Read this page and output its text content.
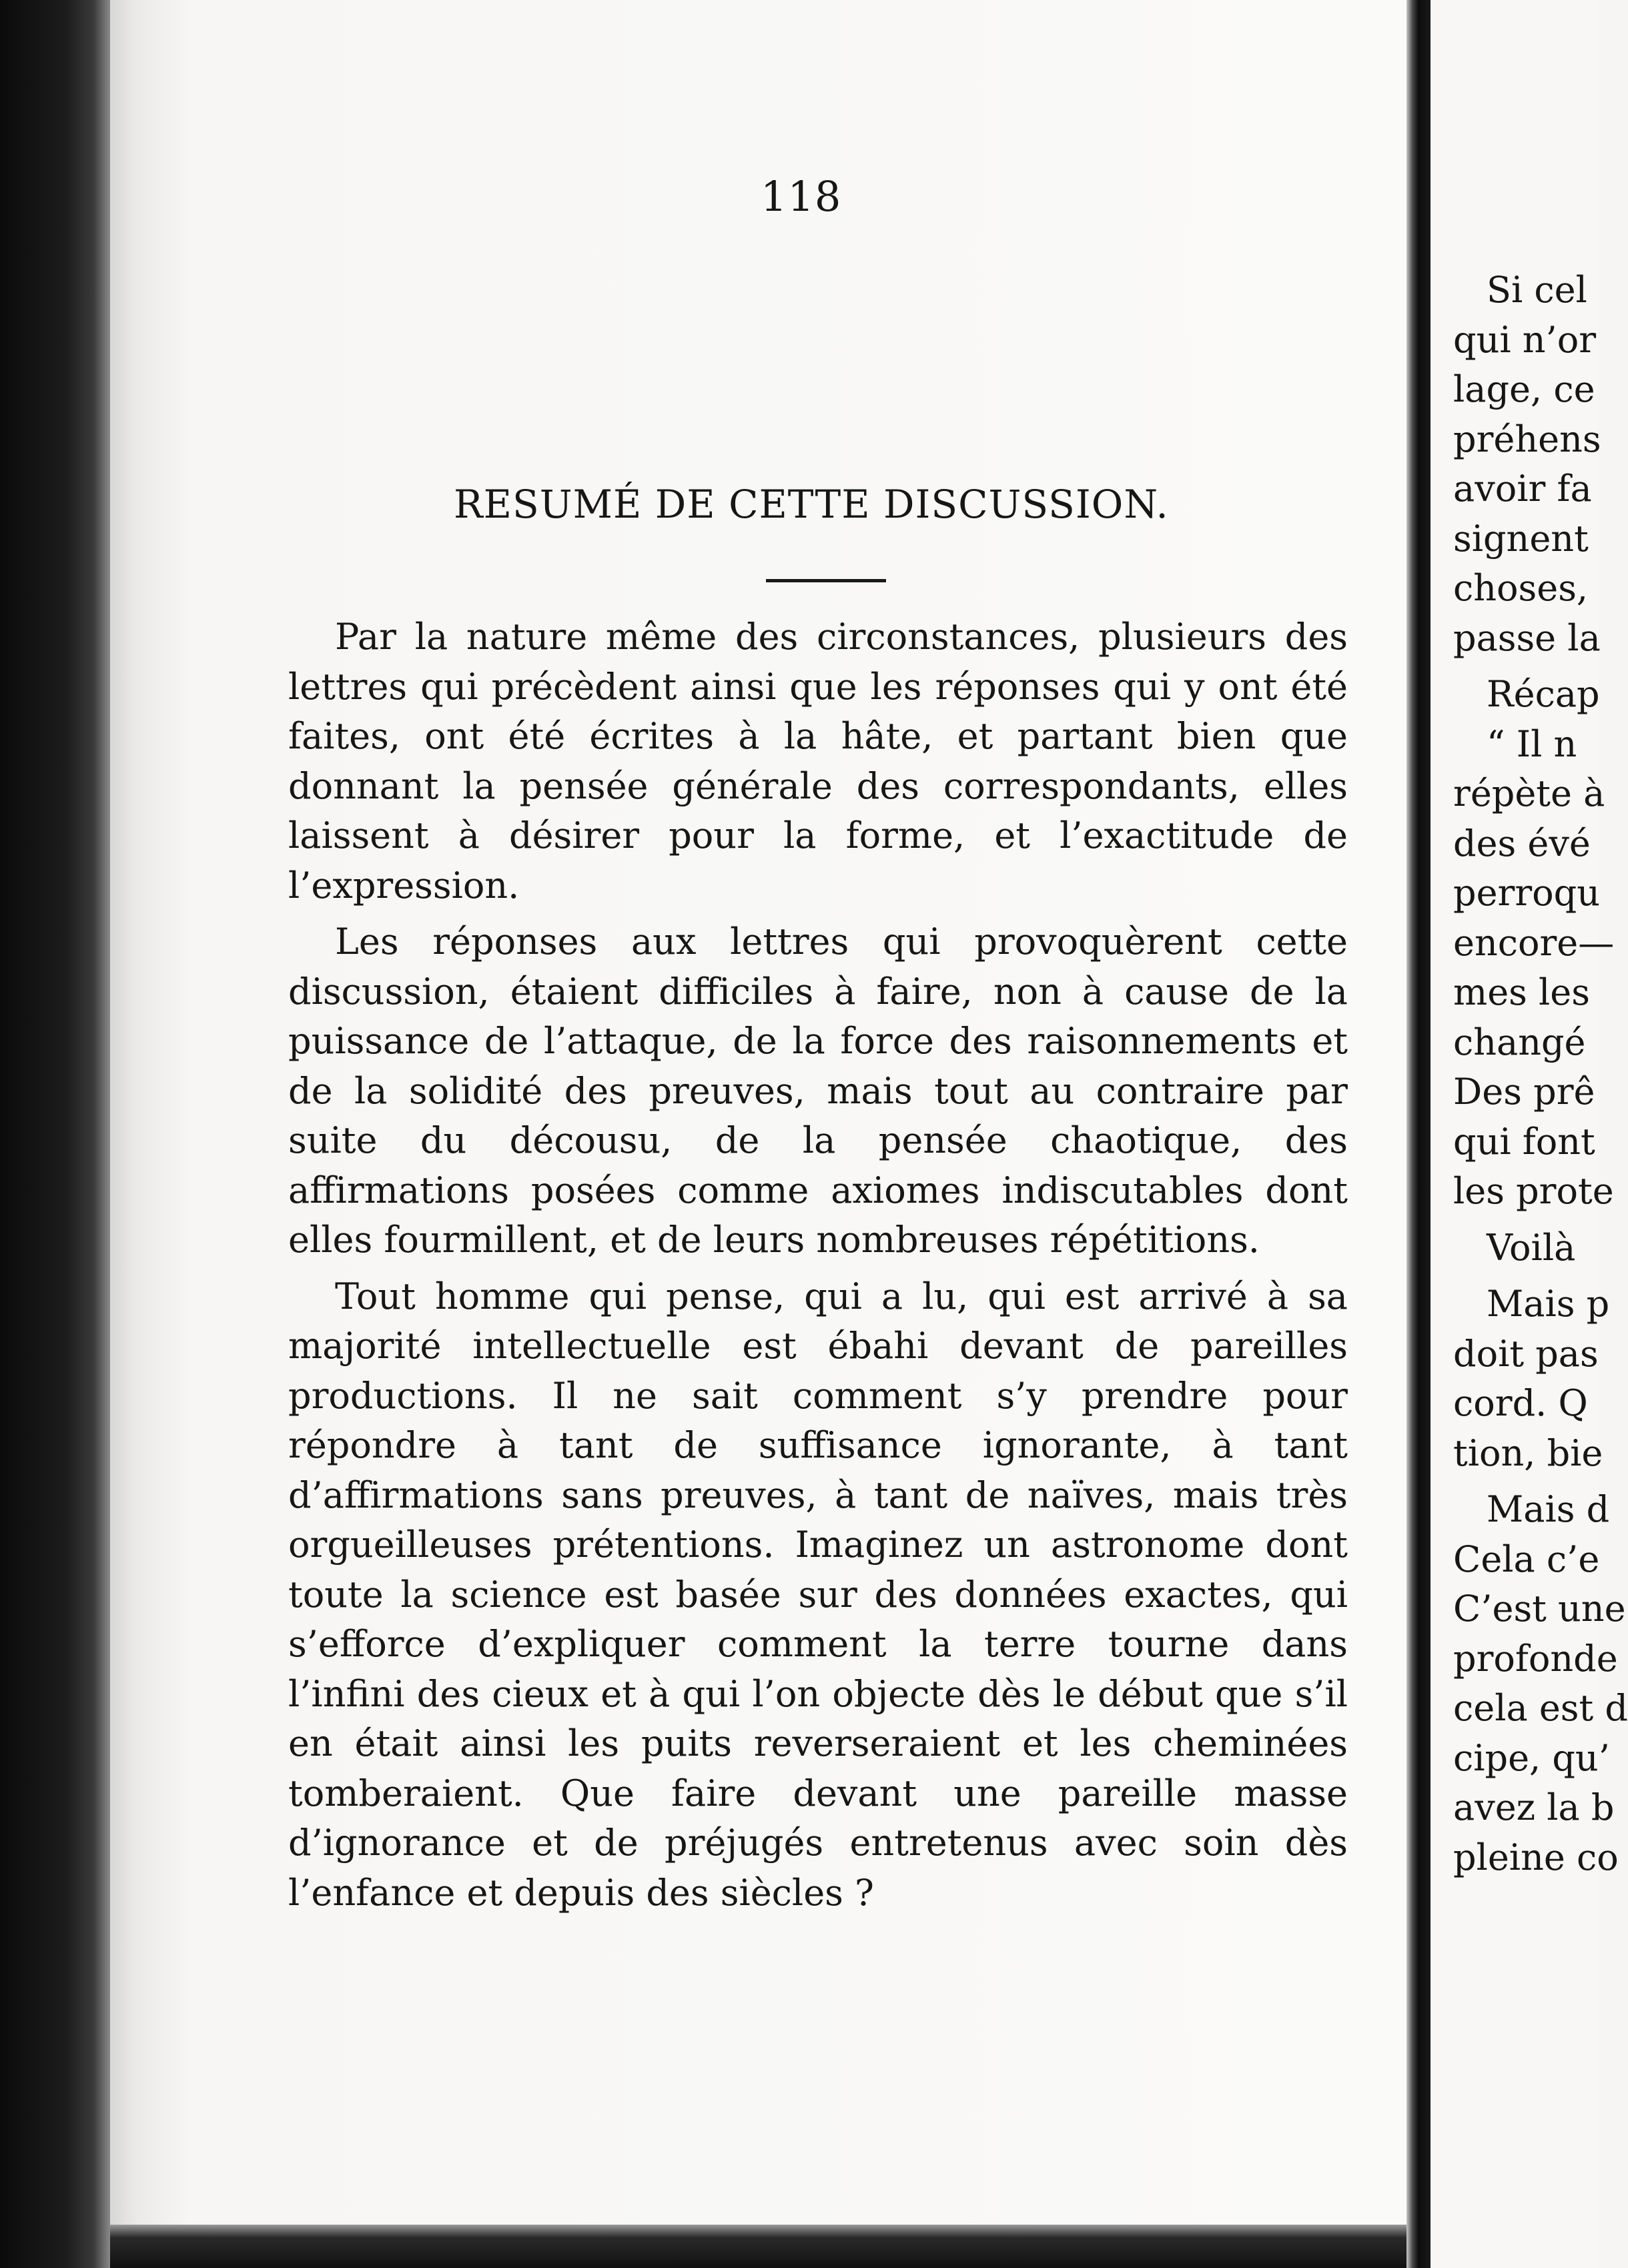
118
RESUMÉ DE CETTE DISCUSSION.

Par la nature même des circonstances, plusieurs des lettres qui précèdent ainsi que les réponses qui y ont été faites, ont été écrites à la hâte, et partant bien que donnant la pensée générale des correspondants, elles laissent à désirer pour la forme, et l’exactitude de l’expression.

Les réponses aux lettres qui provoquèrent cette discussion, étaient difficiles à faire, non à cause de la puissance de l’attaque, de la force des raisonnements et de la solidité des preuves, mais tout au contraire par suite du décousu, de la pensée chaotique, des affirmations posées comme axiomes indiscutables dont elles fourmillent, et de leurs nombreuses répétitions.

Tout homme qui pense, qui a lu, qui est arrivé à sa majorité intellectuelle est ébahi devant de pareilles productions. Il ne sait comment s’y prendre pour répondre à tant de suffisance ignorante, à tant d’affirmations sans preuves, à tant de naïves, mais très orgueilleuses prétentions. Imaginez un astronome dont toute la science est basée sur des données exactes, qui s’efforce d’expliquer comment la terre tourne dans l’infini des cieux et à qui l’on objecte dès le début que s’il en était ainsi les puits reverseraient et les cheminées tomberaient. Que faire devant une pareille masse d’ignorance et de préjugés entretenus avec soin dès l’enfance et depuis des siècles ?

Si cel
qui n’or
lage, ce
préhens
avoir fa
signent
choses,
passe la
Récap
“ Il n
répète à
des évé
perroqu
encore—
mes les
changé
Des prê
qui font
les prote
Voilà
Mais p
doit pas
cord. Q
tion, bie
Mais d
Cela c’e
C’est une
profonde
cela est d
cipe, qu’
avez la b
pleine co
